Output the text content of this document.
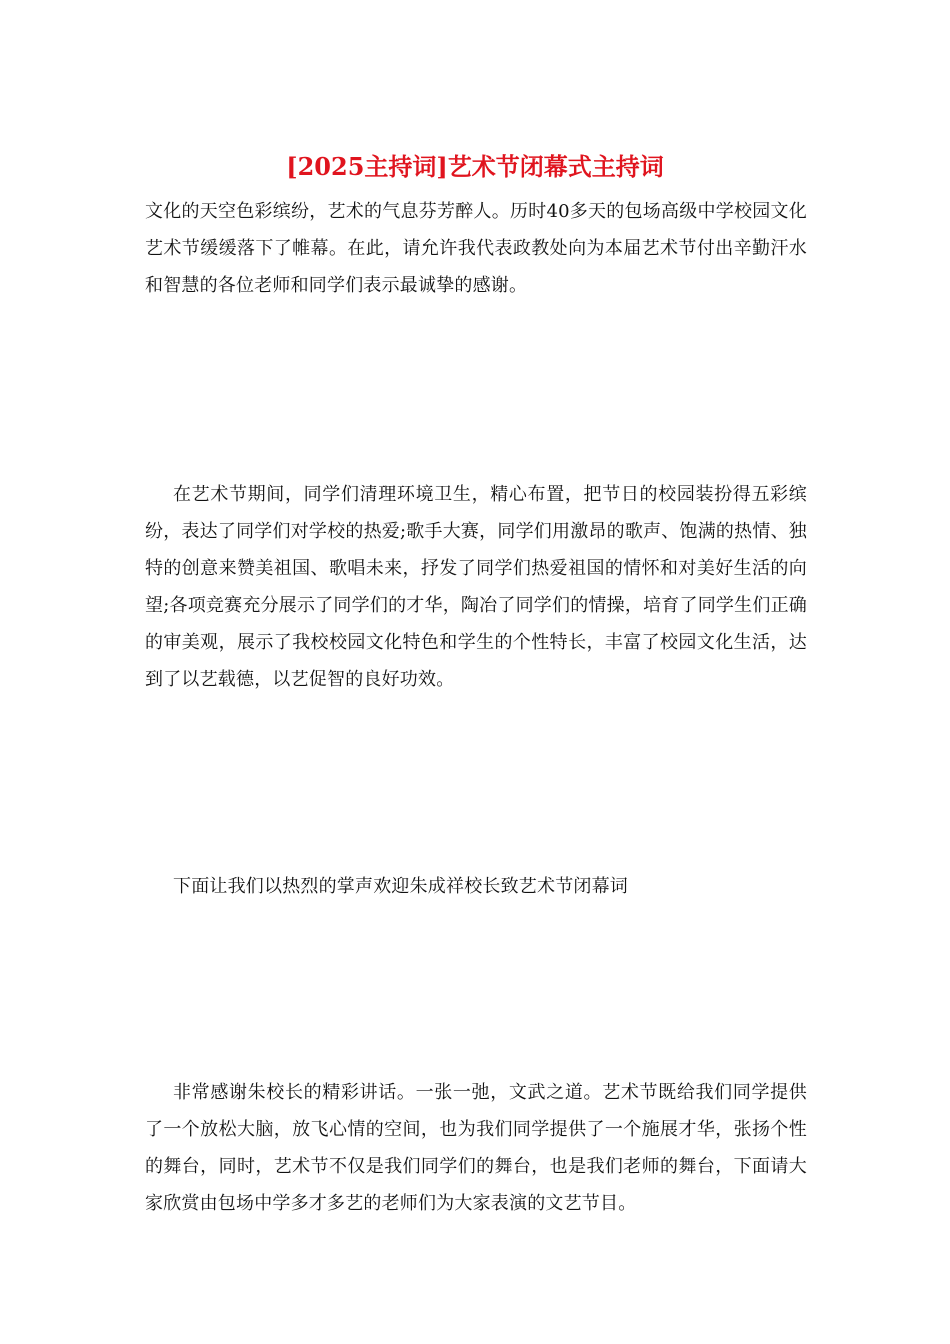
[2025主持词]艺术节闭幕式主持词

文化的天空色彩缤纷，艺术的气息芬芳醉人。历时40多天的包场高级中学校园文化艺术节缓缓落下了帷幕。在此，请允许我代表政教处向为本届艺术节付出辛勤汗水和智慧的各位老师和同学们表示最诚挚的感谢。

在艺术节期间，同学们清理环境卫生，精心布置，把节日的校园装扮得五彩缤纷，表达了同学们对学校的热爱;歌手大赛，同学们用激昂的歌声、饱满的热情、独特的创意来赞美祖国、歌唱未来，抒发了同学们热爱祖国的情怀和对美好生活的向望;各项竞赛充分展示了同学们的才华，陶冶了同学们的情操，培育了同学生们正确的审美观，展示了我校校园文化特色和学生的个性特长，丰富了校园文化生活，达到了以艺载德，以艺促智的良好功效。

下面让我们以热烈的掌声欢迎朱成祥校长致艺术节闭幕词

非常感谢朱校长的精彩讲话。一张一弛，文武之道。艺术节既给我们同学提供了一个放松大脑，放飞心情的空间，也为我们同学提供了一个施展才华，张扬个性的舞台，同时，艺术节不仅是我们同学们的舞台，也是我们老师的舞台，下面请大家欣赏由包场中学多才多艺的老师们为大家表演的文艺节目。
